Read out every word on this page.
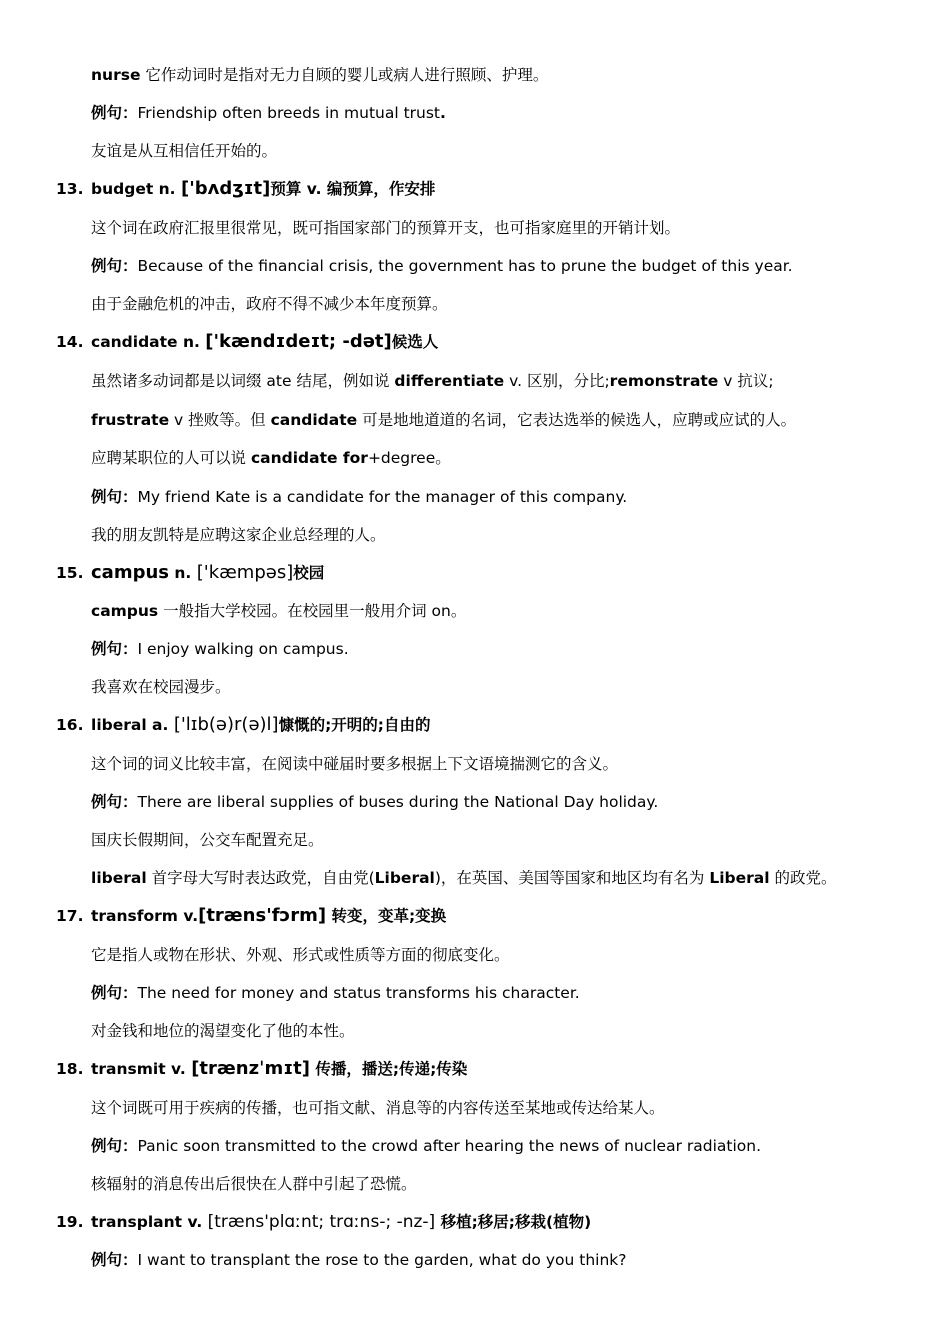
nurse 它作动词时是指对无力自顾的婴儿或病人进行照顾、护理。
例句：Friendship often breeds in mutual trust.
友谊是从互相信任开始的。
13. budget n. ['bʌdʒɪt]预算 v. 编预算，作安排
这个词在政府汇报里很常见，既可指国家部门的预算开支，也可指家庭里的开销计划。
例句：Because of the financial crisis, the government has to prune the budget of this year.
由于金融危机的冲击，政府不得不减少本年度预算。
14. candidate n. ['kændɪdeɪt; -dət]候选人
虽然诸多动词都是以词缀 ate 结尾，例如说 differentiate v. 区别，分比;remonstrate v 抗议;
frustrate v 挫败等。但 candidate 可是地地道道的名词，它表达选举的候选人，应聘或应试的人。
应聘某职位的人可以说 candidate for+degree。
例句：My friend Kate is a candidate for the manager of this company.
我的朋友凯特是应聘这家企业总经理的人。
15. campus n. ['kæmpəs]校园
campus 一般指大学校园。在校园里一般用介词 on。
例句：I enjoy walking on campus.
我喜欢在校园漫步。
16. liberal a. ['lɪb(ə)r(ə)l]慷慨的;开明的;自由的
这个词的词义比较丰富，在阅读中碰届时要多根据上下文语境揣测它的含义。
例句：There are liberal supplies of buses during the National Day holiday.
国庆长假期间，公交车配置充足。
liberal 首字母大写时表达政党，自由党(Liberal)，在英国、美国等国家和地区均有名为 Liberal 的政党。
17. transform v.[træns'fɔrm] 转变，变革;变换
它是指人或物在形状、外观、形式或性质等方面的彻底变化。
例句：The need for money and status transforms his character.
对金钱和地位的渴望变化了他的本性。
18. transmit v. [trænzˈmɪt] 传播，播送;传递;传染
这个词既可用于疾病的传播，也可指文献、消息等的内容传送至某地或传达给某人。
例句：Panic soon transmitted to the crowd after hearing the news of nuclear radiation.
核辐射的消息传出后很快在人群中引起了恐慌。
19. transplant v. [træns'plɑːnt; trɑːns-; -nz-] 移植;移居;移栽(植物)
例句：I want to transplant the rose to the garden, what do you think?
